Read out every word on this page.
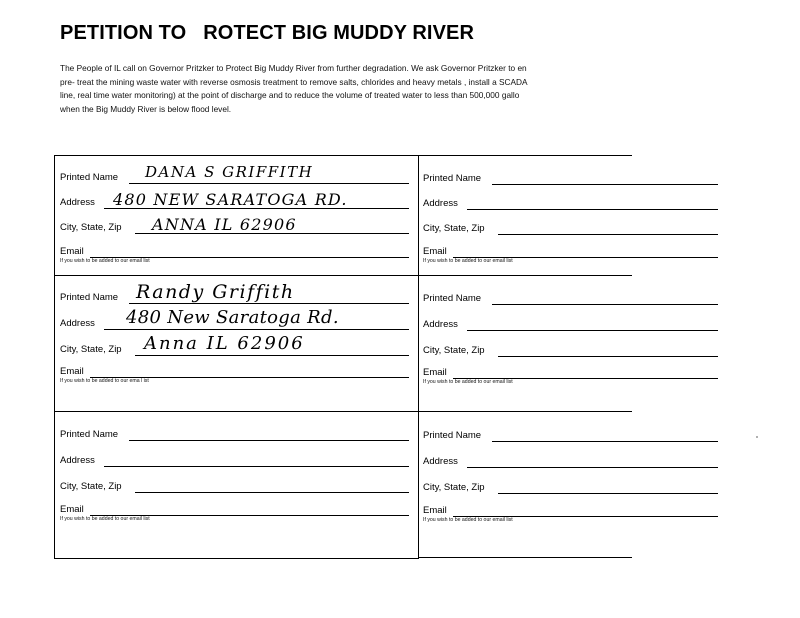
PETITION TO   ROTECT BIG MUDDY RIVER
The People of IL call on Governor Pritzker to Protect Big Muddy River from further degradation. We ask Governor Pritzker to en
pre- treat the mining waste water with reverse osmosis treatment to remove salts, chlorides and heavy metals , install a SCADA
line, real time water monitoring) at the point of discharge and to reduce the volume of treated water to less than 500,000 gallo
when the Big Muddy River is below flood level.
Printed Name
Address
City, State, Zip
Email
If you wish to be added to our email list
DANA S GRIFFITH
480 NEW SARATOGA RD.
ANNA IL 62906
Printed Name
Address
City, State, Zip
Email
If you wish to be added to our ema l ist
Randy Griffith
480 New Saratoga Rd.
Anna IL 62906
Printed Name
Address
City, State, Zip
Email
If you wish to be added to our email list
Printed Name
Address
City, State, Zip
Email
If you wish to be added to our email list
Printed Name
Address
City, State, Zip
Email
If you wish to be added to our email list
Printed Name
Address
City, State, Zip
Email
If you wish to be added to our email list
